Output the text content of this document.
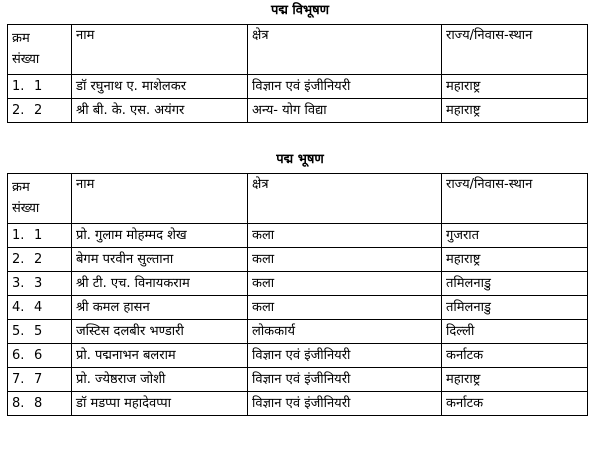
पद्म विभूषण
क्रम
संख्या	नाम	क्षेत्र	राज्य/निवास-स्थान
1. 1	डॉ रघुनाथ ए. माशेलकर	विज्ञान एवं इंजीनियरी	महाराष्ट्र
2. 2	श्री बी. के. एस. अयंगर	अन्य- योग विद्या	महाराष्ट्र
पद्म भूषण
क्रम
संख्या	नाम	क्षेत्र	राज्य/निवास-स्थान
1. 1	प्रो. गुलाम मोहम्मद शेख	कला	गुजरात
2. 2	बेगम परवीन सुल्ताना	कला	महाराष्ट्र
3. 3	श्री टी. एच. विनायकराम	कला	तमिलनाडु
4. 4	श्री कमल हासन	कला	तमिलनाडु
5. 5	जस्टिस दलबीर भण्डारी	लोककार्य	दिल्ली
6. 6	प्रो. पद्मनाभन बलराम	विज्ञान एवं इंजीनियरी	कर्नाटक
7. 7	प्रो. ज्येष्ठराज जोशी	विज्ञान एवं इंजीनियरी	महाराष्ट्र
8. 8	डॉ मडप्पा महादेवप्पा	विज्ञान एवं इंजीनियरी	कर्नाटक
